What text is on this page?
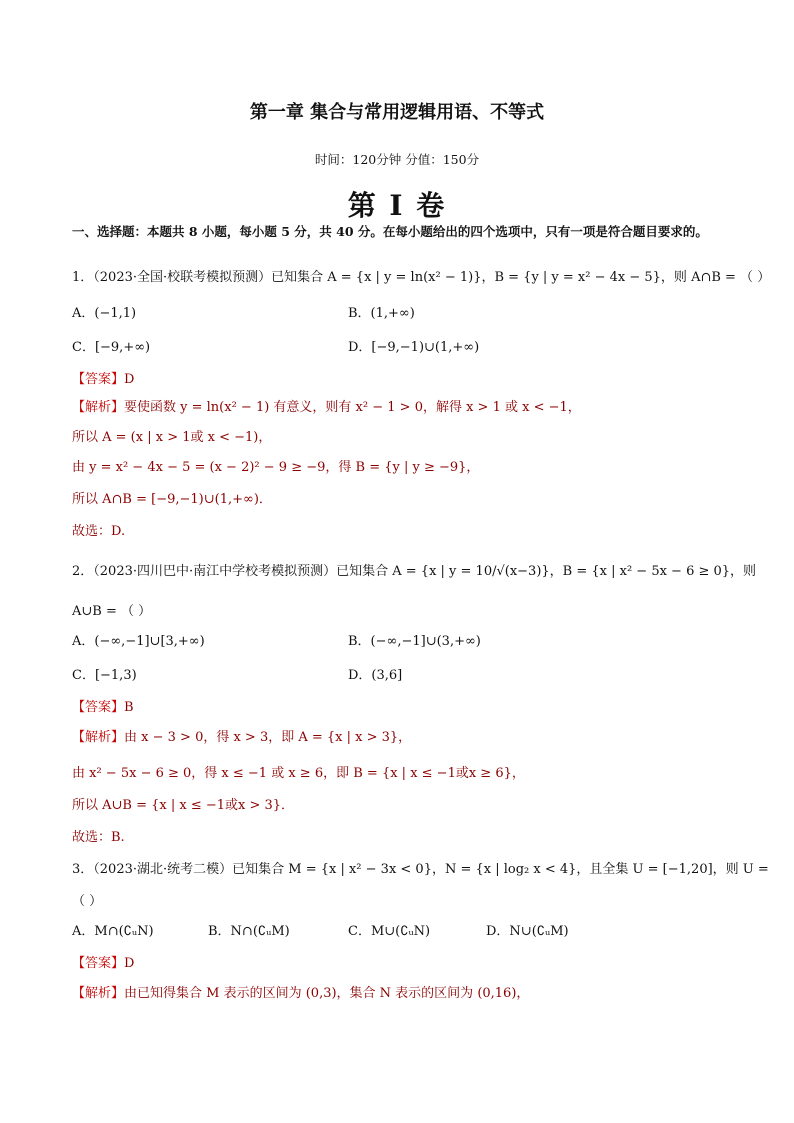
第一章 集合与常用逻辑用语、不等式
时间：120分钟 分值：150分
第 I 卷
一、选择题：本题共 8 小题，每小题 5 分，共 40 分。在每小题给出的四个选项中，只有一项是符合题目要求的。
1．（2023·全国·校联考模拟预测）已知集合 A = {x | y = ln(x² − 1)}，B = {y | y = x² − 4x − 5}，则 A∩B = （ ）
A．(−1,1)	B．(1,+∞)
C．[−9,+∞)	D．[−9,−1)∪(1,+∞)
【答案】D
【解析】要使函数 y = ln(x² − 1) 有意义，则有 x² − 1 > 0，解得 x > 1 或 x < −1，
所以 A = (x | x > 1或 x < −1)，
由 y = x² − 4x − 5 = (x − 2)² − 9 ≥ −9，得 B = {y | y ≥ −9}，
所以 A∩B = [−9,−1)∪(1,+∞)．
故选：D.
2．（2023·四川巴中·南江中学校考模拟预测）已知集合 A = {x | y = 10/√(x−3)}，B = {x | x² − 5x − 6 ≥ 0}，则
A∪B = （ ）
A．(−∞,−1]∪[3,+∞)	B．(−∞,−1]∪(3,+∞)
C．[−1,3)	D．(3,6]
【答案】B
【解析】由 x − 3 > 0，得 x > 3，即 A = {x | x > 3}，
由 x² − 5x − 6 ≥ 0，得 x ≤ −1 或 x ≥ 6，即 B = {x | x ≤ −1或x ≥ 6}，
所以 A∪B = {x | x ≤ −1或x > 3}．
故选：B.
3．（2023·湖北·统考二模）已知集合 M = {x | x² − 3x < 0}，N = {x | log₂ x < 4}，且全集 U = [−1,20]，则 U =
（ ）
A．M∩(∁ᵤN)	B．N∩(∁ᵤM)	C．M∪(∁ᵤN)	D．N∪(∁ᵤM)
【答案】D
【解析】由已知得集合 M 表示的区间为 (0,3)，集合 N 表示的区间为 (0,16)，
